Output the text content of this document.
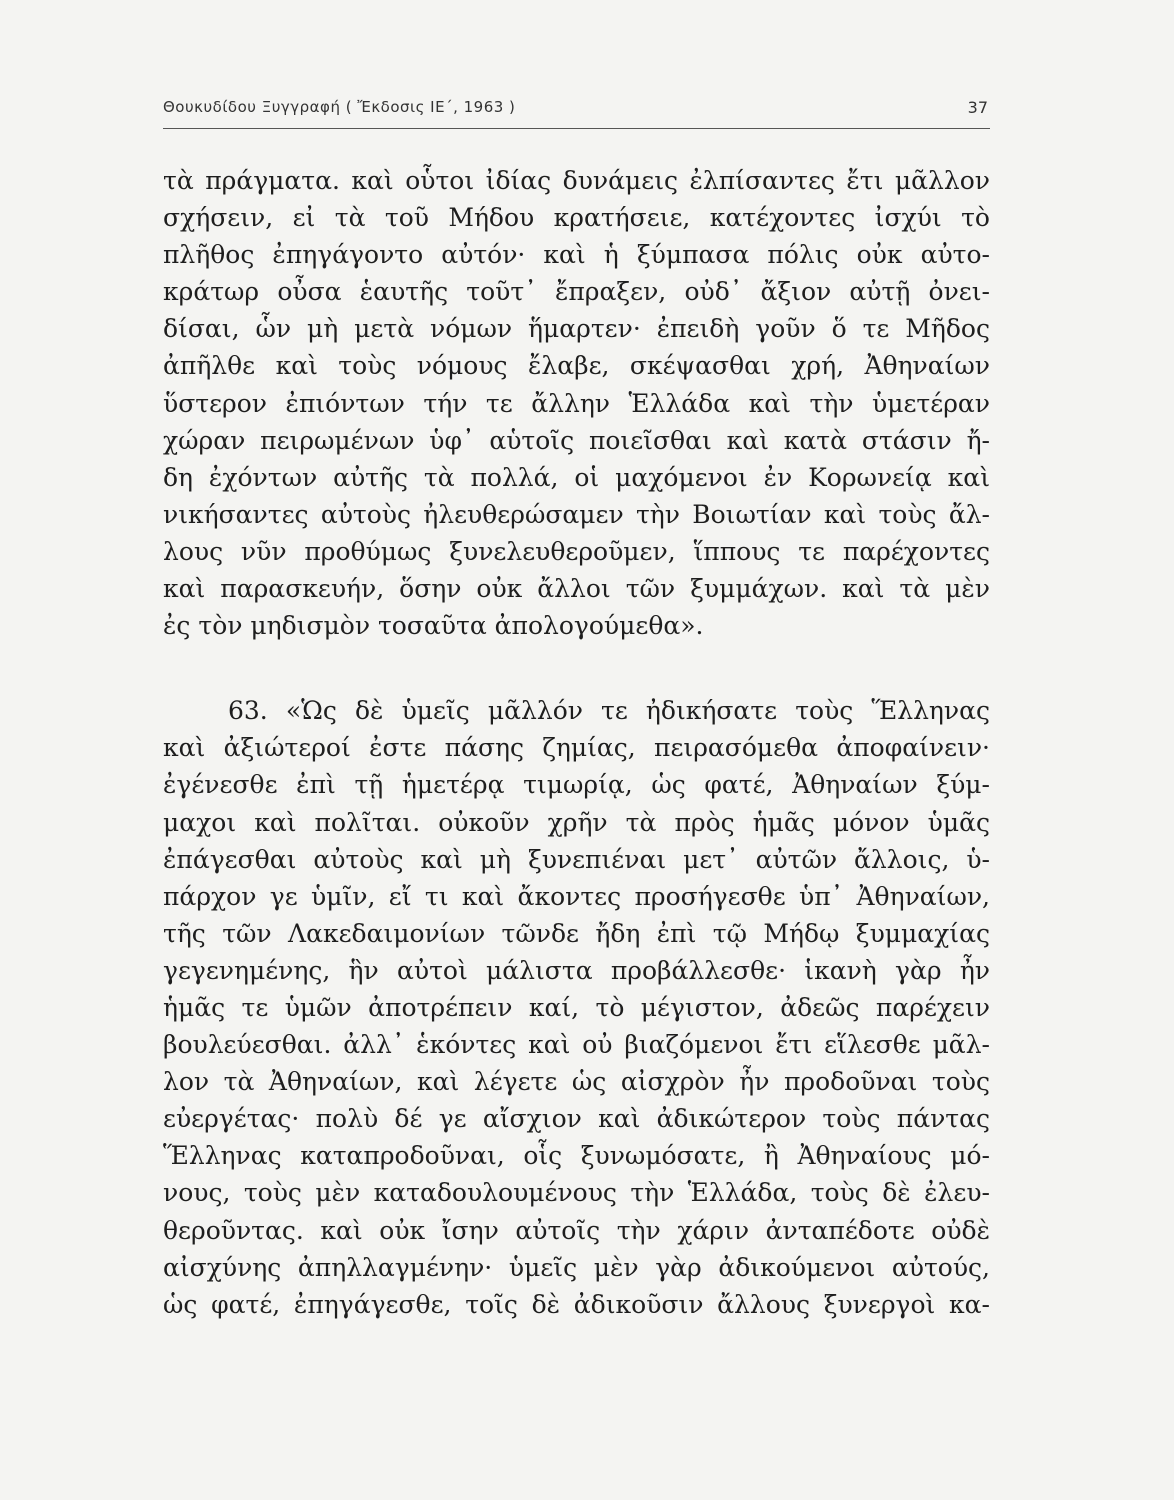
Θουκυδίδου Ξυγγραφή ( Ἔκδοσις ΙΕ΄, 1963 )	37
τὰ πράγματα. καὶ οὗτοι ἰδίας δυνάμεις ἐλπίσαντες ἔτι μᾶλλον
σχήσειν, εἰ τὰ τοῦ Μήδου κρατήσειε, κατέχοντες ἰσχύι τὸ
πλῆθος ἐπηγάγοντο αὐτόν· καὶ ἡ ξύμπασα πόλις οὐκ αὐτο-
κράτωρ οὖσα ἑαυτῆς τοῦτ᾽ ἔπραξεν, οὐδ᾽ ἄξιον αὐτῇ ὀνει-
δίσαι, ὧν μὴ μετὰ νόμων ἥμαρτεν· ἐπειδὴ γοῦν ὅ τε Μῆδος
ἀπῆλθε καὶ τοὺς νόμους ἔλαβε, σκέψασθαι χρή, Ἀθηναίων
ὕστερον ἐπιόντων τήν τε ἄλλην Ἑλλάδα καὶ τὴν ὑμετέραν
χώραν πειρωμένων ὑφ᾽ αὑτοῖς ποιεῖσθαι καὶ κατὰ στάσιν ἤ-
δη ἐχόντων αὐτῆς τὰ πολλά, οἱ μαχόμενοι ἐν Κορωνείᾳ καὶ
νικήσαντες αὐτοὺς ἠλευθερώσαμεν τὴν Βοιωτίαν καὶ τοὺς ἄλ-
λους νῦν προθύμως ξυνελευθεροῦμεν, ἵππους τε παρέχοντες
καὶ παρασκευήν, ὅσην οὐκ ἄλλοι τῶν ξυμμάχων. καὶ τὰ μὲν
ἐς τὸν μηδισμὸν τοσαῦτα ἀπολογούμεθα».
63. «Ὡς δὲ ὑμεῖς μᾶλλόν τε ἠδικήσατε τοὺς Ἕλληνας
καὶ ἀξιώτεροί ἐστε πάσης ζημίας, πειρασόμεθα ἀποφαίνειν·
ἐγένεσθε ἐπὶ τῇ ἡμετέρᾳ τιμωρίᾳ, ὡς φατέ, Ἀθηναίων ξύμ-
μαχοι καὶ πολῖται. οὐκοῦν χρῆν τὰ πρὸς ἡμᾶς μόνον ὑμᾶς
ἐπάγεσθαι αὐτοὺς καὶ μὴ ξυνεπιέναι μετ᾽ αὐτῶν ἄλλοις, ὑ-
πάρχον γε ὑμῖν, εἴ τι καὶ ἄκοντες προσήγεσθε ὑπ᾽ Ἀθηναίων,
τῆς τῶν Λακεδαιμονίων τῶνδε ἤδη ἐπὶ τῷ Μήδῳ ξυμμαχίας
γεγενημένης, ἣν αὐτοὶ μάλιστα προβάλλεσθε· ἱκανὴ γὰρ ἦν
ἡμᾶς τε ὑμῶν ἀποτρέπειν καί, τὸ μέγιστον, ἀδεῶς παρέχειν
βουλεύεσθαι. ἀλλ᾽ ἑκόντες καὶ οὐ βιαζόμενοι ἔτι εἵλεσθε μᾶλ-
λον τὰ Ἀθηναίων, καὶ λέγετε ὡς αἰσχρὸν ἦν προδοῦναι τοὺς
εὐεργέτας· πολὺ δέ γε αἴσχιον καὶ ἀδικώτερον τοὺς πάντας
Ἕλληνας καταπροδοῦναι, οἷς ξυνωμόσατε, ἢ Ἀθηναίους μό-
νους, τοὺς μὲν καταδουλουμένους τὴν Ἑλλάδα, τοὺς δὲ ἐλευ-
θεροῦντας. καὶ οὐκ ἴσην αὐτοῖς τὴν χάριν ἀνταπέδοτε οὐδὲ
αἰσχύνης ἀπηλλαγμένην· ὑμεῖς μὲν γὰρ ἀδικούμενοι αὐτούς,
ὡς φατέ, ἐπηγάγεσθε, τοῖς δὲ ἀδικοῦσιν ἄλλους ξυνεργοὶ κα-
